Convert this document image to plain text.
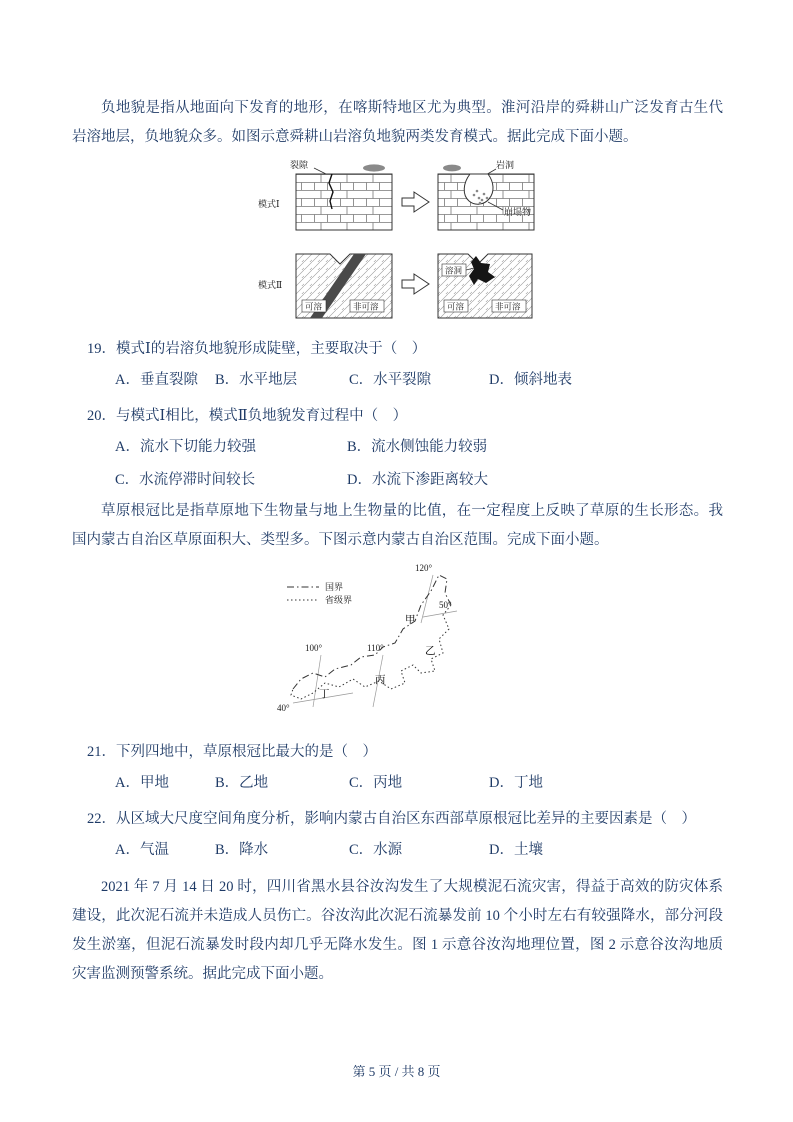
负地貌是指从地面向下发育的地形，在喀斯特地区尤为典型。淮河沿岸的舜耕山广泛发育古生代岩溶地层，负地貌众多。如图示意舜耕山岩溶负地貌两类发育模式。据此完成下面小题。

裂隙
模式Ⅰ
岩洞
崩塌物
模式Ⅱ
可溶	非可溶
溶洞
可溶	非可溶

19．模式Ⅰ的岩溶负地貌形成陡壁，主要取决于（　）

A．垂直裂隙	B．水平地层	C．水平裂隙	D．倾斜地表

20．与模式Ⅰ相比，模式Ⅱ负地貌发育过程中（　）

A．流水下切能力较强	B．流水侧蚀能力较弱
C．水流停滞时间较长	D．水流下渗距离较大

草原根冠比是指草原地下生物量与地上生物量的比值，在一定程度上反映了草原的生长形态。我国内蒙古自治区草原面积大、类型多。下图示意内蒙古自治区范围。完成下面小题。

国界
省级界
120°
50°
100°	110°
40°
甲
乙
丙
丁

21．下列四地中，草原根冠比最大的是（　）

A．甲地	B．乙地	C．丙地	D．丁地

22．从区域大尺度空间角度分析，影响内蒙古自治区东西部草原根冠比差异的主要因素是（　）

A．气温	B．降水	C．水源	D．土壤

2021 年 7 月 14 日 20 时，四川省黑水县谷汝沟发生了大规模泥石流灾害，得益于高效的防灾体系建设，此次泥石流并未造成人员伤亡。谷汝沟此次泥石流暴发前 10 个小时左右有较强降水，部分河段发生淤塞，但泥石流暴发时段内却几乎无降水发生。图 1 示意谷汝沟地理位置，图 2 示意谷汝沟地质灾害监测预警系统。据此完成下面小题。

第 5 页 / 共 8 页
